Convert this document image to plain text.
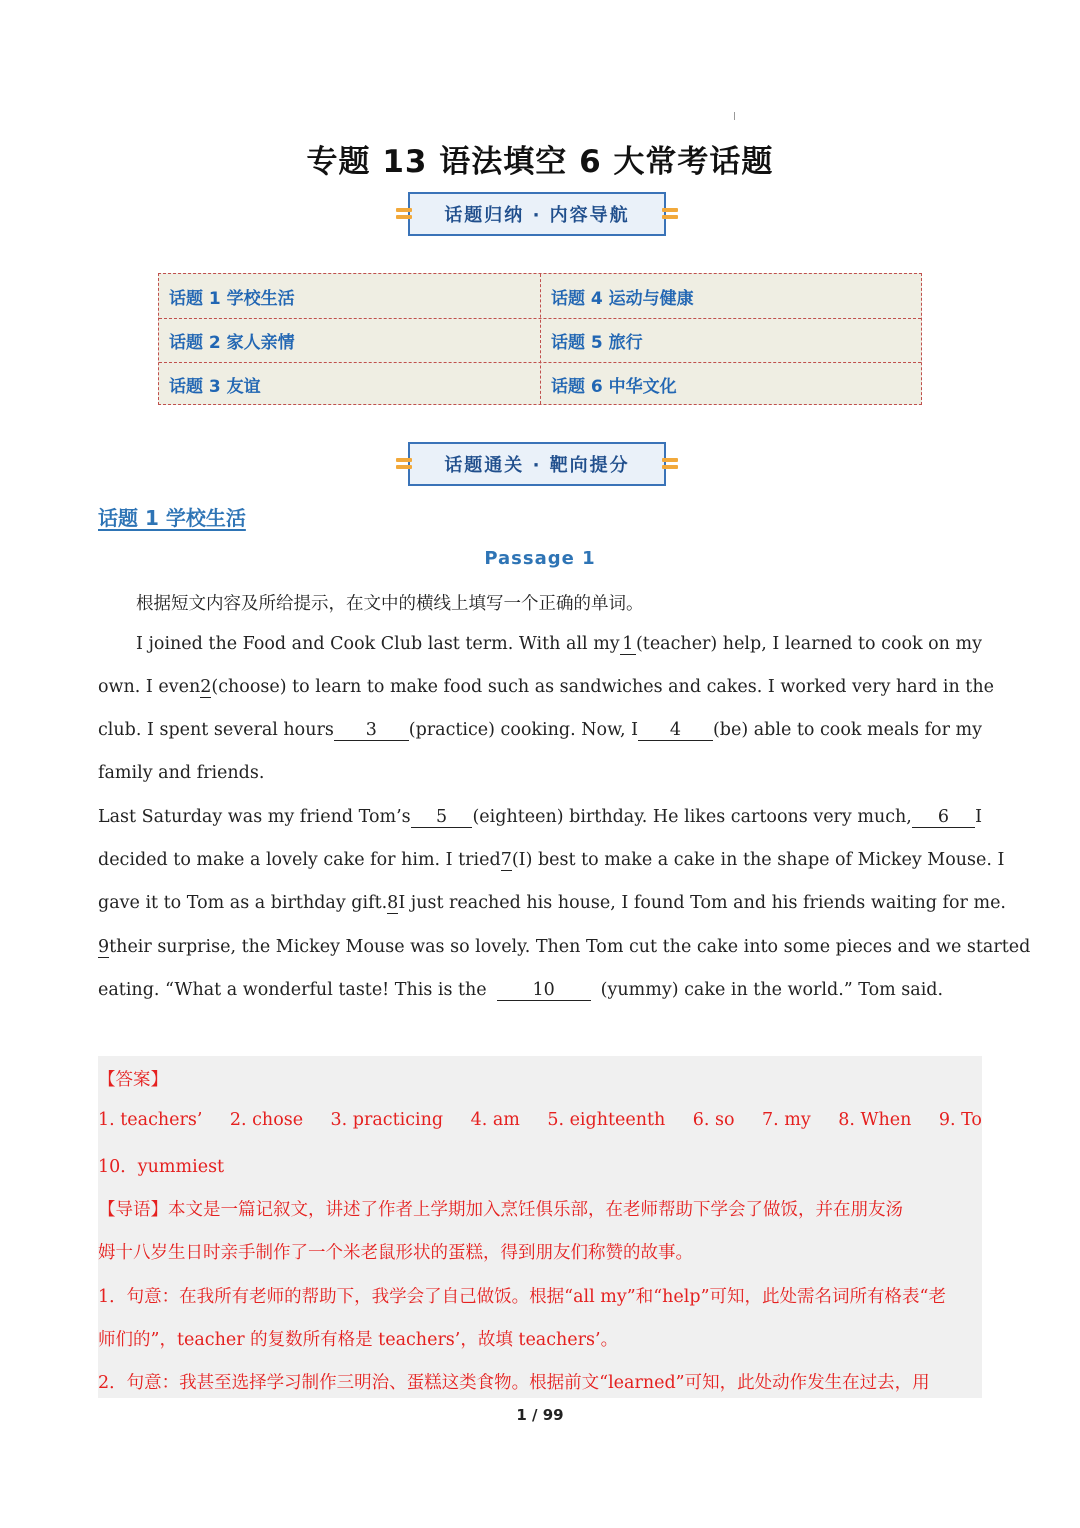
专题 13 语法填空 6 大常考话题
话题归纳 · 内容导航
话题 1 学校生活	话题 4 运动与健康
话题 2 家人亲情	话题 5 旅行
话题 3 友谊	话题 6 中华文化
话题通关 · 靶向提分
话题 1 学校生活
Passage 1
根据短文内容及所给提示，在文中的横线上填写一个正确的单词。
I joined the Food and Cook Club last term. With all my 1 (teacher) help, I learned to cook on my
own. I even 2 (choose) to learn to make food such as sandwiches and cakes. I worked very hard in the
club. I spent several hours	3	(practice) cooking. Now, I	4	(be) able to cook meals for my
family and friends.
Last Saturday was my friend Tom’s	5	(eighteen) birthday. He likes cartoons very much,	6	I
decided to make a lovely cake for him. I tried 7 (I) best to make a cake in the shape of Mickey Mouse. I
gave it to Tom as a birthday gift. 8 I just reached his house, I found Tom and his friends waiting for me.
9 their surprise, the Mickey Mouse was so lovely. Then Tom cut the cake into some pieces and we started
eating. “What a wonderful taste! This is the	10	(yummy) cake in the world.” Tom said.
【答案】
1. teachers’ 2. chose 3. practicing 4. am 5. eighteenth 6. so 7. my 8. When 9. To
10．yummiest
【导语】本文是一篇记叙文，讲述了作者上学期加入烹饪俱乐部，在老师帮助下学会了做饭，并在朋友汤
姆十八岁生日时亲手制作了一个米老鼠形状的蛋糕，得到朋友们称赞的故事。
1．句意：在我所有老师的帮助下，我学会了自己做饭。根据“all my”和“help”可知，此处需名词所有格表“老
师们的”，teacher 的复数所有格是 teachers’，故填 teachers’。
2．句意：我甚至选择学习制作三明治、蛋糕这类食物。根据前文“learned”可知，此处动作发生在过去，用
1 / 99
